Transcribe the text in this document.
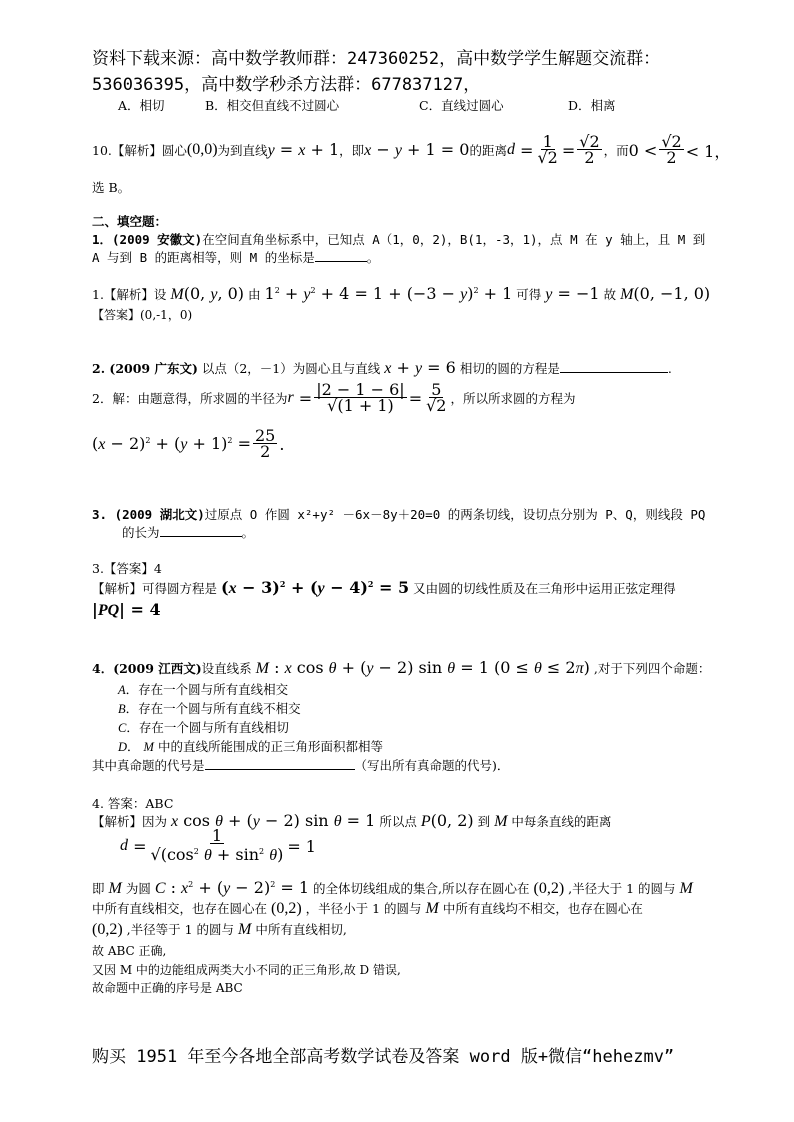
资料下载来源：高中数学教师群：247360252，高中数学学生解题交流群：
536036395，高中数学秒杀方法群：677837127，
A．相切	B．相交但直线不过圆心	C．直线过圆心	D．相离
10.【解析】圆心 (0,0) 为到直线 y = x + 1 ，即 x − y + 1 = 0 的距离 $d = \frac{1}{√2} = \frac{√2}{2}$ ，而 $0 < \frac{√2}{2} < 1$，
选 B。
二、填空题：
1．(2009 安徽文)在空间直角坐标系中，已知点 A（1，0，2)，B(1，-3，1)，点 M 在 y 轴上，且 M 到
A 与到 B 的距离相等，则 M 的坐标是	。
1.【解析】设 M(0, y, 0) 由 $1^2 + y^2 + 4 = 1 + (-3 - y)^2 + 1$ 可得 y = −1 故 M(0, −1, 0)
【答案】(0,-1，0)
2. (2009 广东文) 以点（2，－1）为圆心且与直线 x + y = 6 相切的圆的方程是	.
2．解：由题意得，所求圆的半径为 $r = \frac{|2 - 1 - 6|}{√(1 + 1)} = \frac{5}{√2}$ ，所以所求圆的方程为
$(x - 2)^2 + (y + 1)^2 = \frac{25}{2}$ .
3. (2009 湖北文)过原点 O 作圆 x²+y² －6x－8y＋20=0 的两条切线，设切点分别为 P、Q，则线段 PQ
的长为	。
3.【答案】4
【解析】可得圆方程是 $(x - 3)^2 + (y - 4)^2 = 5$ 又由圆的切线性质及在三角形中运用正弦定理得
|PQ| = 4
4．(2009 江西文)设直线系 M : x cos θ + (y − 2) sin θ = 1 (0 ≤ θ ≤ 2π) ,对于下列四个命题：
A．存在一个圆与所有直线相交
B．存在一个圆与所有直线不相交
C．存在一个圆与所有直线相切
D． M 中的直线所能围成的正三角形面积都相等
其中真命题的代号是	（写出所有真命题的代号)．
4. 答案：ABC
【解析】因为 x cos θ + (y − 2) sin θ = 1 所以点 P(0, 2) 到 M 中每条直线的距离
$d = \frac{1}{√(\cos^2 \theta + \sin^2 \theta)} = 1$
即 M 为圆 C : $x^2 + (y - 2)^2 = 1$ 的全体切线组成的集合,所以存在圆心在 (0,2) ,半径大于 1 的圆与 M
中所有直线相交，也存在圆心在 (0,2) ，半径小于 1 的圆与 M 中所有直线均不相交，也存在圆心在
(0,2) ,半径等于 1 的圆与 M 中所有直线相切,
故 ABC 正确,
又因 M 中的边能组成两类大小不同的正三角形,故 D 错误,
故命题中正确的序号是 ABC
购买 1951 年至今各地全部高考数学试卷及答案 word 版+微信“hehezmv”
